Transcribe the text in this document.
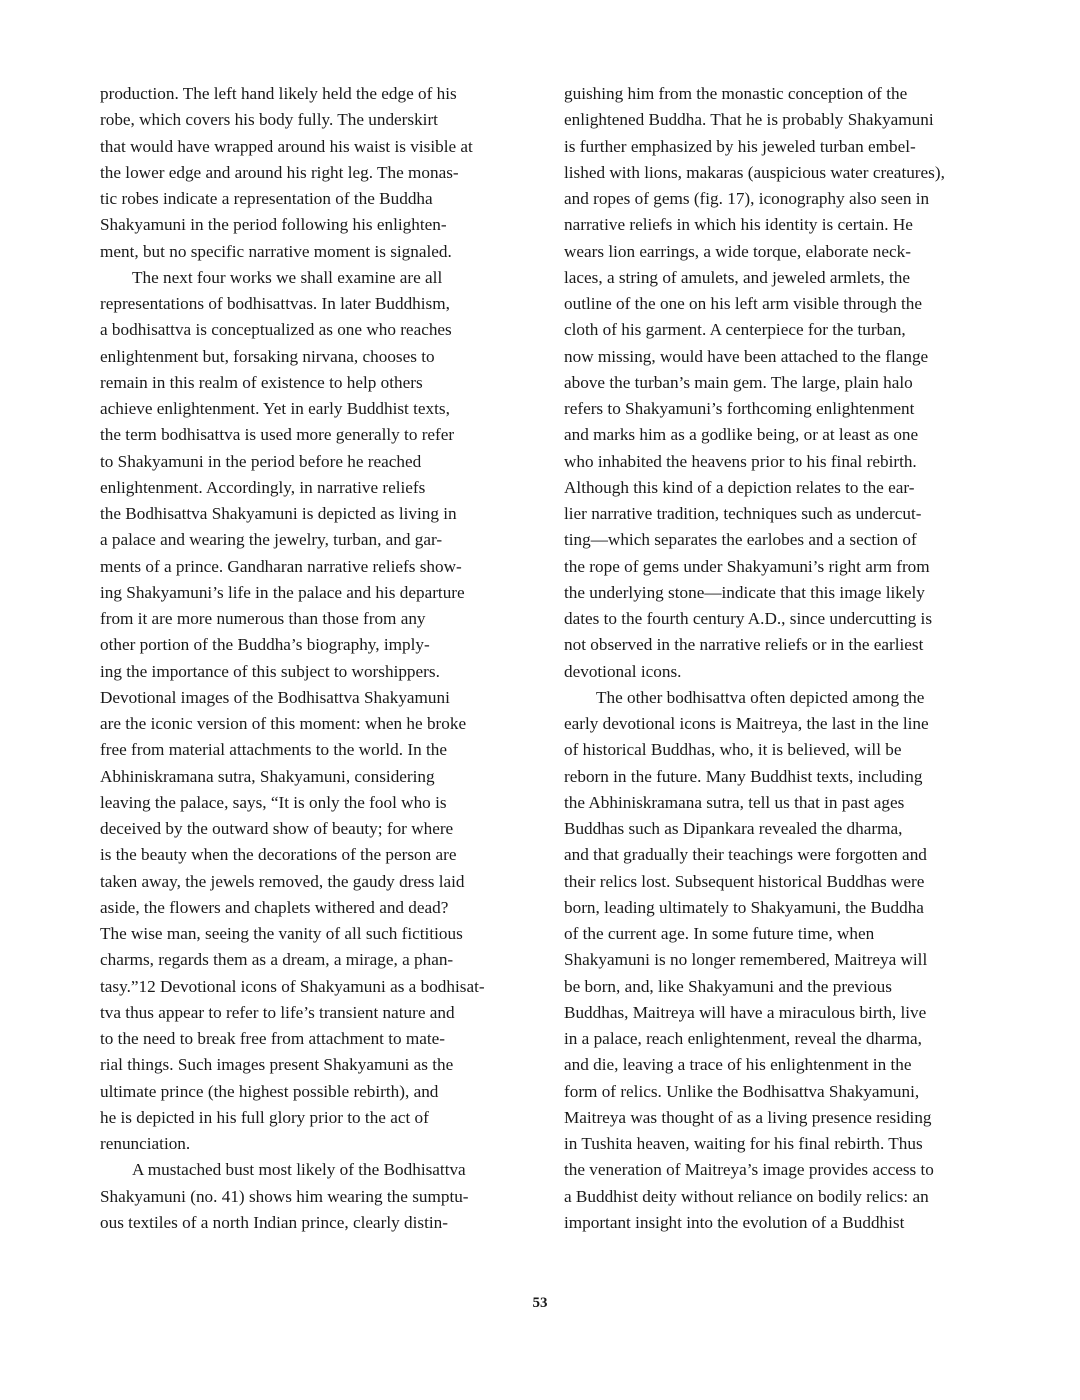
production. The left hand likely held the edge of his
robe, which covers his body fully. The underskirt
that would have wrapped around his waist is visible at
the lower edge and around his right leg. The monas-
tic robes indicate a representation of the Buddha
Shakyamuni in the period following his enlighten-
ment, but no specific narrative moment is signaled.
The next four works we shall examine are all
representations of bodhisattvas. In later Buddhism,
a bodhisattva is conceptualized as one who reaches
enlightenment but, forsaking nirvana, chooses to
remain in this realm of existence to help others
achieve enlightenment. Yet in early Buddhist texts,
the term bodhisattva is used more generally to refer
to Shakyamuni in the period before he reached
enlightenment. Accordingly, in narrative reliefs
the Bodhisattva Shakyamuni is depicted as living in
a palace and wearing the jewelry, turban, and gar-
ments of a prince. Gandharan narrative reliefs show-
ing Shakyamuni’s life in the palace and his departure
from it are more numerous than those from any
other portion of the Buddha’s biography, imply-
ing the importance of this subject to worshippers.
Devotional images of the Bodhisattva Shakyamuni
are the iconic version of this moment: when he broke
free from material attachments to the world. In the
Abhiniskramana sutra, Shakyamuni, considering
leaving the palace, says, “It is only the fool who is
deceived by the outward show of beauty; for where
is the beauty when the decorations of the person are
taken away, the jewels removed, the gaudy dress laid
aside, the flowers and chaplets withered and dead?
The wise man, seeing the vanity of all such fictitious
charms, regards them as a dream, a mirage, a phan-
tasy.”12 Devotional icons of Shakyamuni as a bodhisat-
tva thus appear to refer to life’s transient nature and
to the need to break free from attachment to mate-
rial things. Such images present Shakyamuni as the
ultimate prince (the highest possible rebirth), and
he is depicted in his full glory prior to the act of
renunciation.
A mustached bust most likely of the Bodhisattva
Shakyamuni (no. 41) shows him wearing the sumptu-
ous textiles of a north Indian prince, clearly distin-
guishing him from the monastic conception of the
enlightened Buddha. That he is probably Shakyamuni
is further emphasized by his jeweled turban embel-
lished with lions, makaras (auspicious water creatures),
and ropes of gems (fig. 17), iconography also seen in
narrative reliefs in which his identity is certain. He
wears lion earrings, a wide torque, elaborate neck-
laces, a string of amulets, and jeweled armlets, the
outline of the one on his left arm visible through the
cloth of his garment. A centerpiece for the turban,
now missing, would have been attached to the flange
above the turban’s main gem. The large, plain halo
refers to Shakyamuni’s forthcoming enlightenment
and marks him as a godlike being, or at least as one
who inhabited the heavens prior to his final rebirth.
Although this kind of a depiction relates to the ear-
lier narrative tradition, techniques such as undercut-
ting—which separates the earlobes and a section of
the rope of gems under Shakyamuni’s right arm from
the underlying stone—indicate that this image likely
dates to the fourth century A.D., since undercutting is
not observed in the narrative reliefs or in the earliest
devotional icons.
The other bodhisattva often depicted among the
early devotional icons is Maitreya, the last in the line
of historical Buddhas, who, it is believed, will be
reborn in the future. Many Buddhist texts, including
the Abhiniskramana sutra, tell us that in past ages
Buddhas such as Dipankara revealed the dharma,
and that gradually their teachings were forgotten and
their relics lost. Subsequent historical Buddhas were
born, leading ultimately to Shakyamuni, the Buddha
of the current age. In some future time, when
Shakyamuni is no longer remembered, Maitreya will
be born, and, like Shakyamuni and the previous
Buddhas, Maitreya will have a miraculous birth, live
in a palace, reach enlightenment, reveal the dharma,
and die, leaving a trace of his enlightenment in the
form of relics. Unlike the Bodhisattva Shakyamuni,
Maitreya was thought of as a living presence residing
in Tushita heaven, waiting for his final rebirth. Thus
the veneration of Maitreya’s image provides access to
a Buddhist deity without reliance on bodily relics: an
important insight into the evolution of a Buddhist
53
